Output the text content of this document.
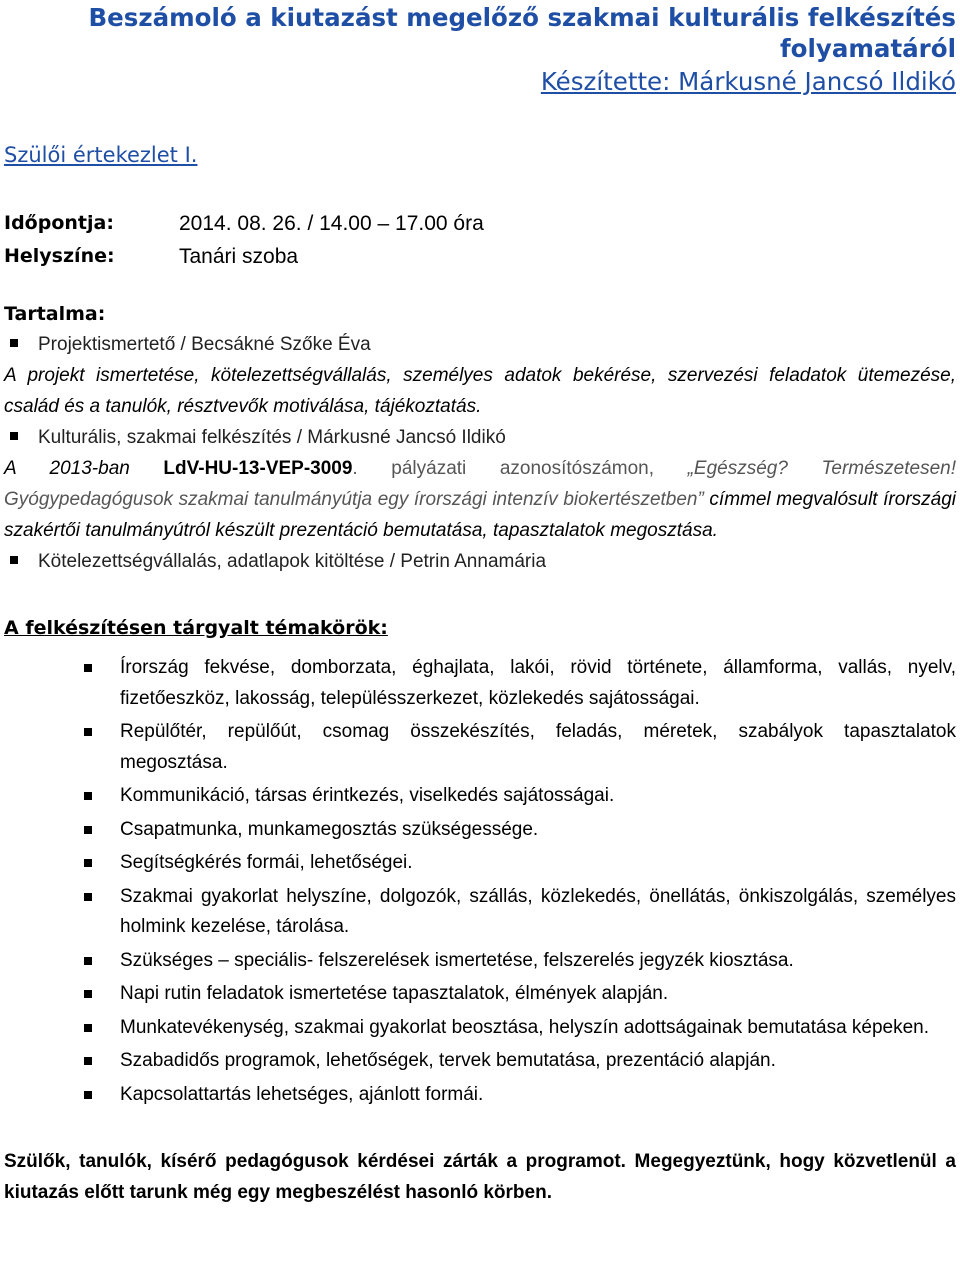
Beszámoló a kiutazást megelőző szakmai kulturális felkészítés
folyamatáról
Készítette: Márkusné Jancsó Ildikó
Szülői értekezlet I.
Időpontja:	2014. 08. 26. / 14.00 – 17.00 óra
Helyszíne:	Tanári szoba
Tartalma:
Projektismertető / Becsákné Szőke Éva
A projekt ismertetése, kötelezettségvállalás, személyes adatok bekérése, szervezési feladatok ütemezése, család és a tanulók, résztvevők motiválása, tájékoztatás.
Kulturális, szakmai felkészítés / Márkusné Jancsó Ildikó
A 2013-ban LdV-HU-13-VEP-3009. pályázati azonosítószámon, „Egészség? Természetesen! Gyógypedagógusok szakmai tanulmányútja egy írországi intenzív biokertészetben” címmel megvalósult írországi szakértői tanulmányútról készült prezentáció bemutatása, tapasztalatok megosztása.
Kötelezettségvállalás, adatlapok kitöltése / Petrin Annamária
A felkészítésen tárgyalt témakörök:
Írország fekvése, domborzata, éghajlata, lakói, rövid története, államforma, vallás, nyelv, fizetőeszköz, lakosság, településszerkezet, közlekedés sajátosságai.
Repülőtér, repülőút, csomag összekészítés, feladás, méretek, szabályok tapasztalatok megosztása.
Kommunikáció, társas érintkezés, viselkedés sajátosságai.
Csapatmunka, munkamegosztás szükségessége.
Segítségkérés formái, lehetőségei.
Szakmai gyakorlat helyszíne, dolgozók, szállás, közlekedés, önellátás, önkiszolgálás, személyes holmink kezelése, tárolása.
Szükséges – speciális- felszerelések ismertetése, felszerelés jegyzék kiosztása.
Napi rutin feladatok ismertetése tapasztalatok, élmények alapján.
Munkatevékenység, szakmai gyakorlat beosztása, helyszín adottságainak bemutatása képeken.
Szabadidős programok, lehetőségek, tervek bemutatása, prezentáció alapján.
Kapcsolattartás lehetséges, ajánlott formái.
Szülők, tanulók, kísérő pedagógusok kérdései zárták a programot. Megegyeztünk, hogy közvetlenül a kiutazás előtt tarunk még egy megbeszélést hasonló körben.
